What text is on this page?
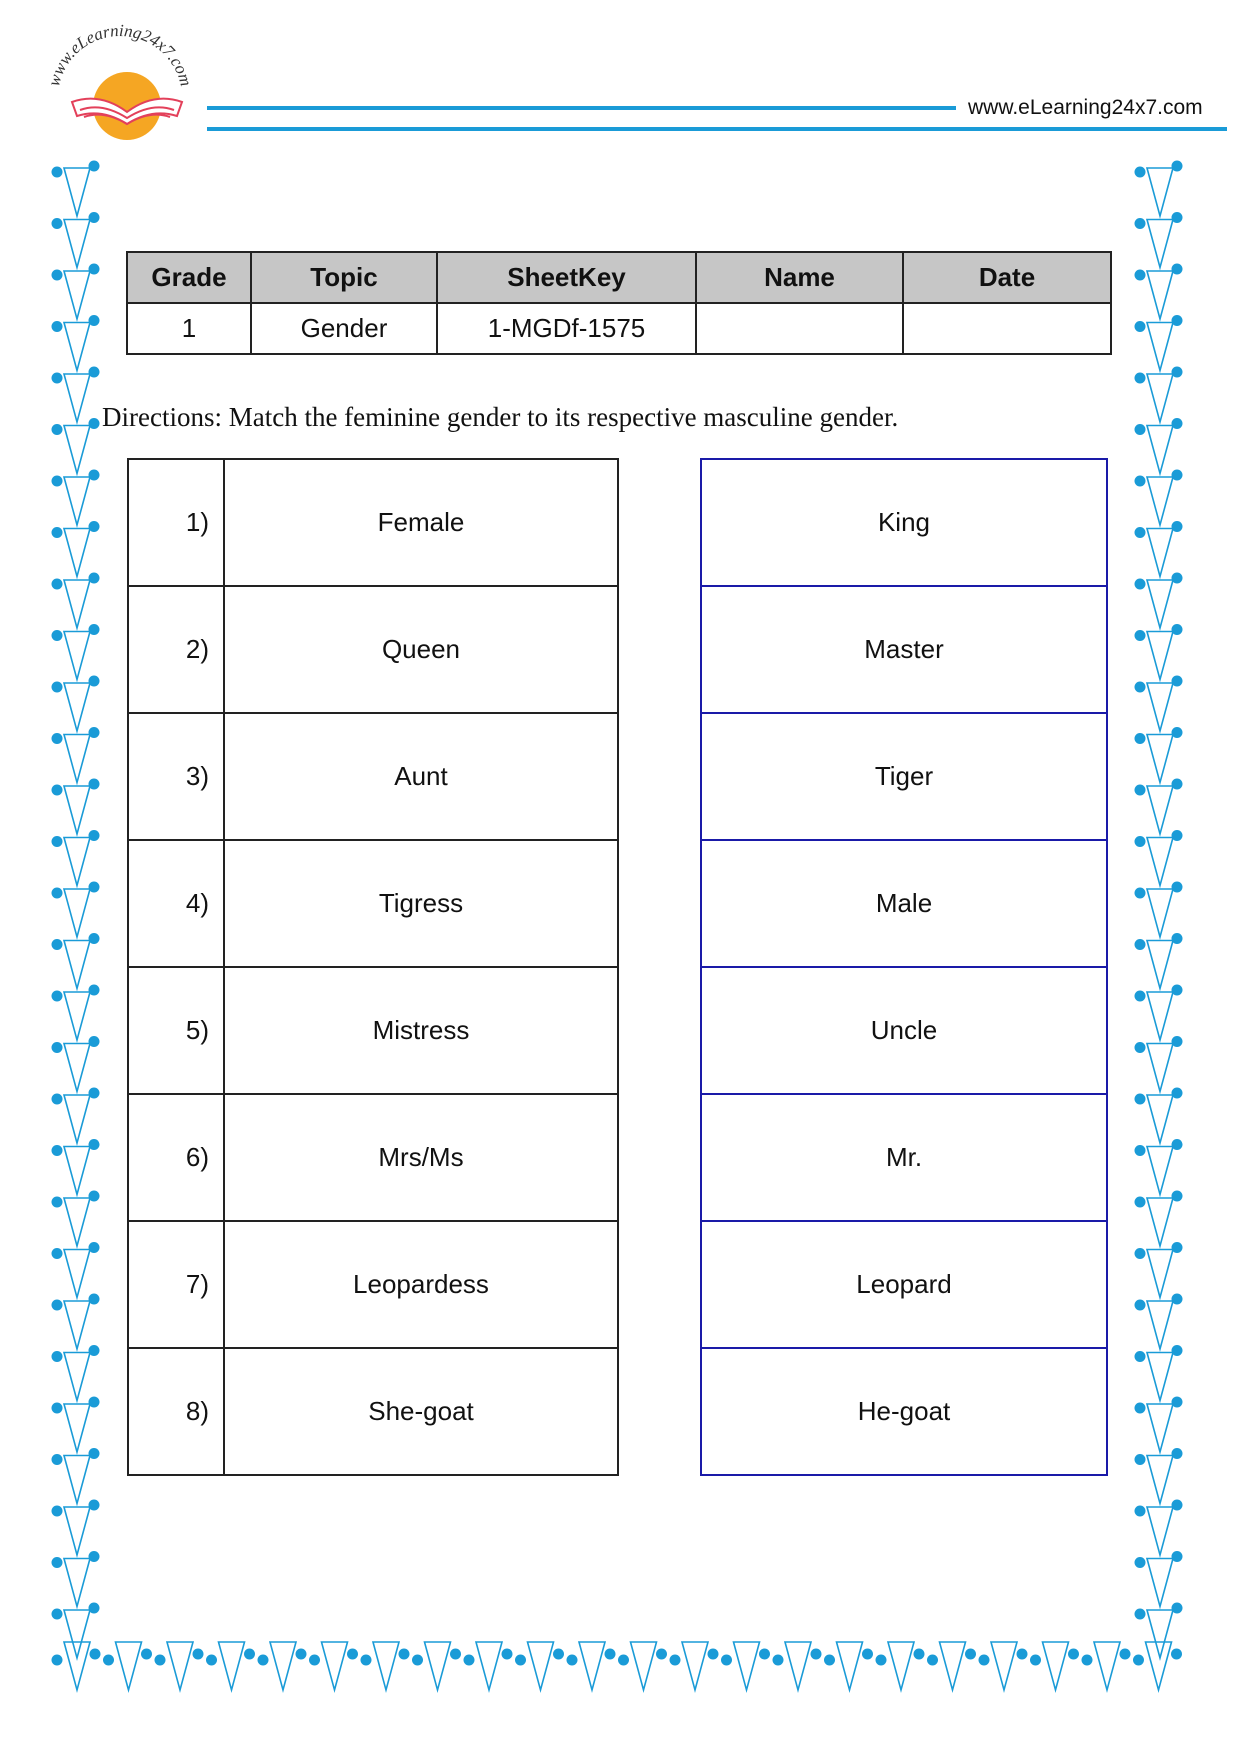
www.eLearning24x7.com
www.eLearning24x7.com
Grade	Topic	SheetKey	Name	Date
1	Gender	1-MGDf-1575		
Directions: Match the feminine gender to its respective masculine gender.
1)	Female
2)	Queen
3)	Aunt
4)	Tigress
5)	Mistress
6)	Mrs/Ms
7)	Leopardess
8)	She-goat
King
Master
Tiger
Male
Uncle
Mr.
Leopard
He-goat
